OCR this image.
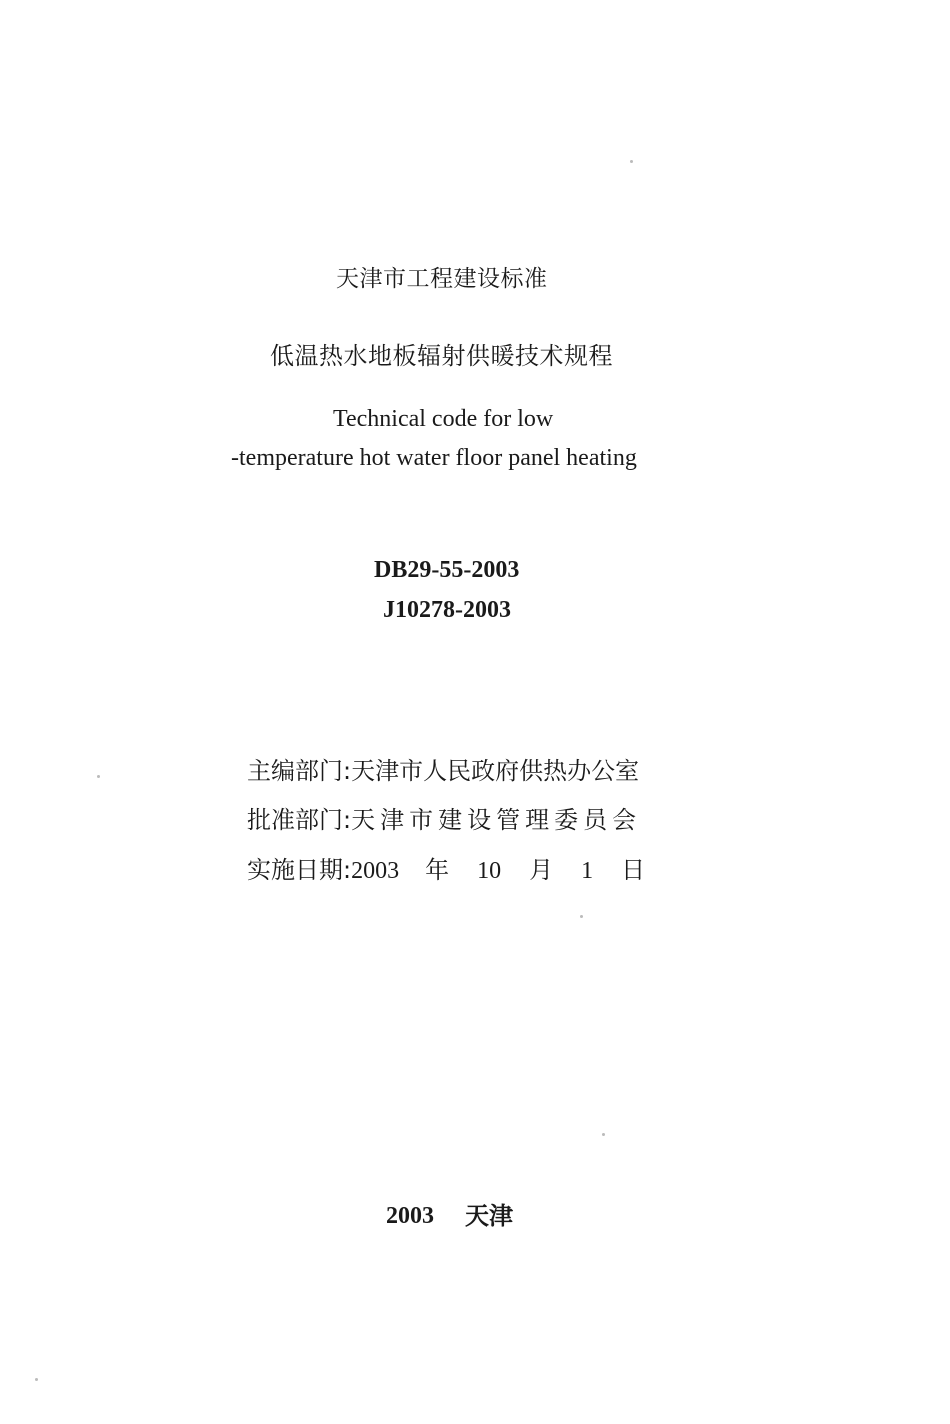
天津市工程建设标准
低温热水地板辐射供暖技术规程
Technical code for low
-temperature hot water floor panel heating
DB29-55-2003
J10278-2003
主编部门:天津市人民政府供热办公室
批准部门:天津市建设管理委员会
实施日期:2003 年 10 月 1 日
2003 天津
